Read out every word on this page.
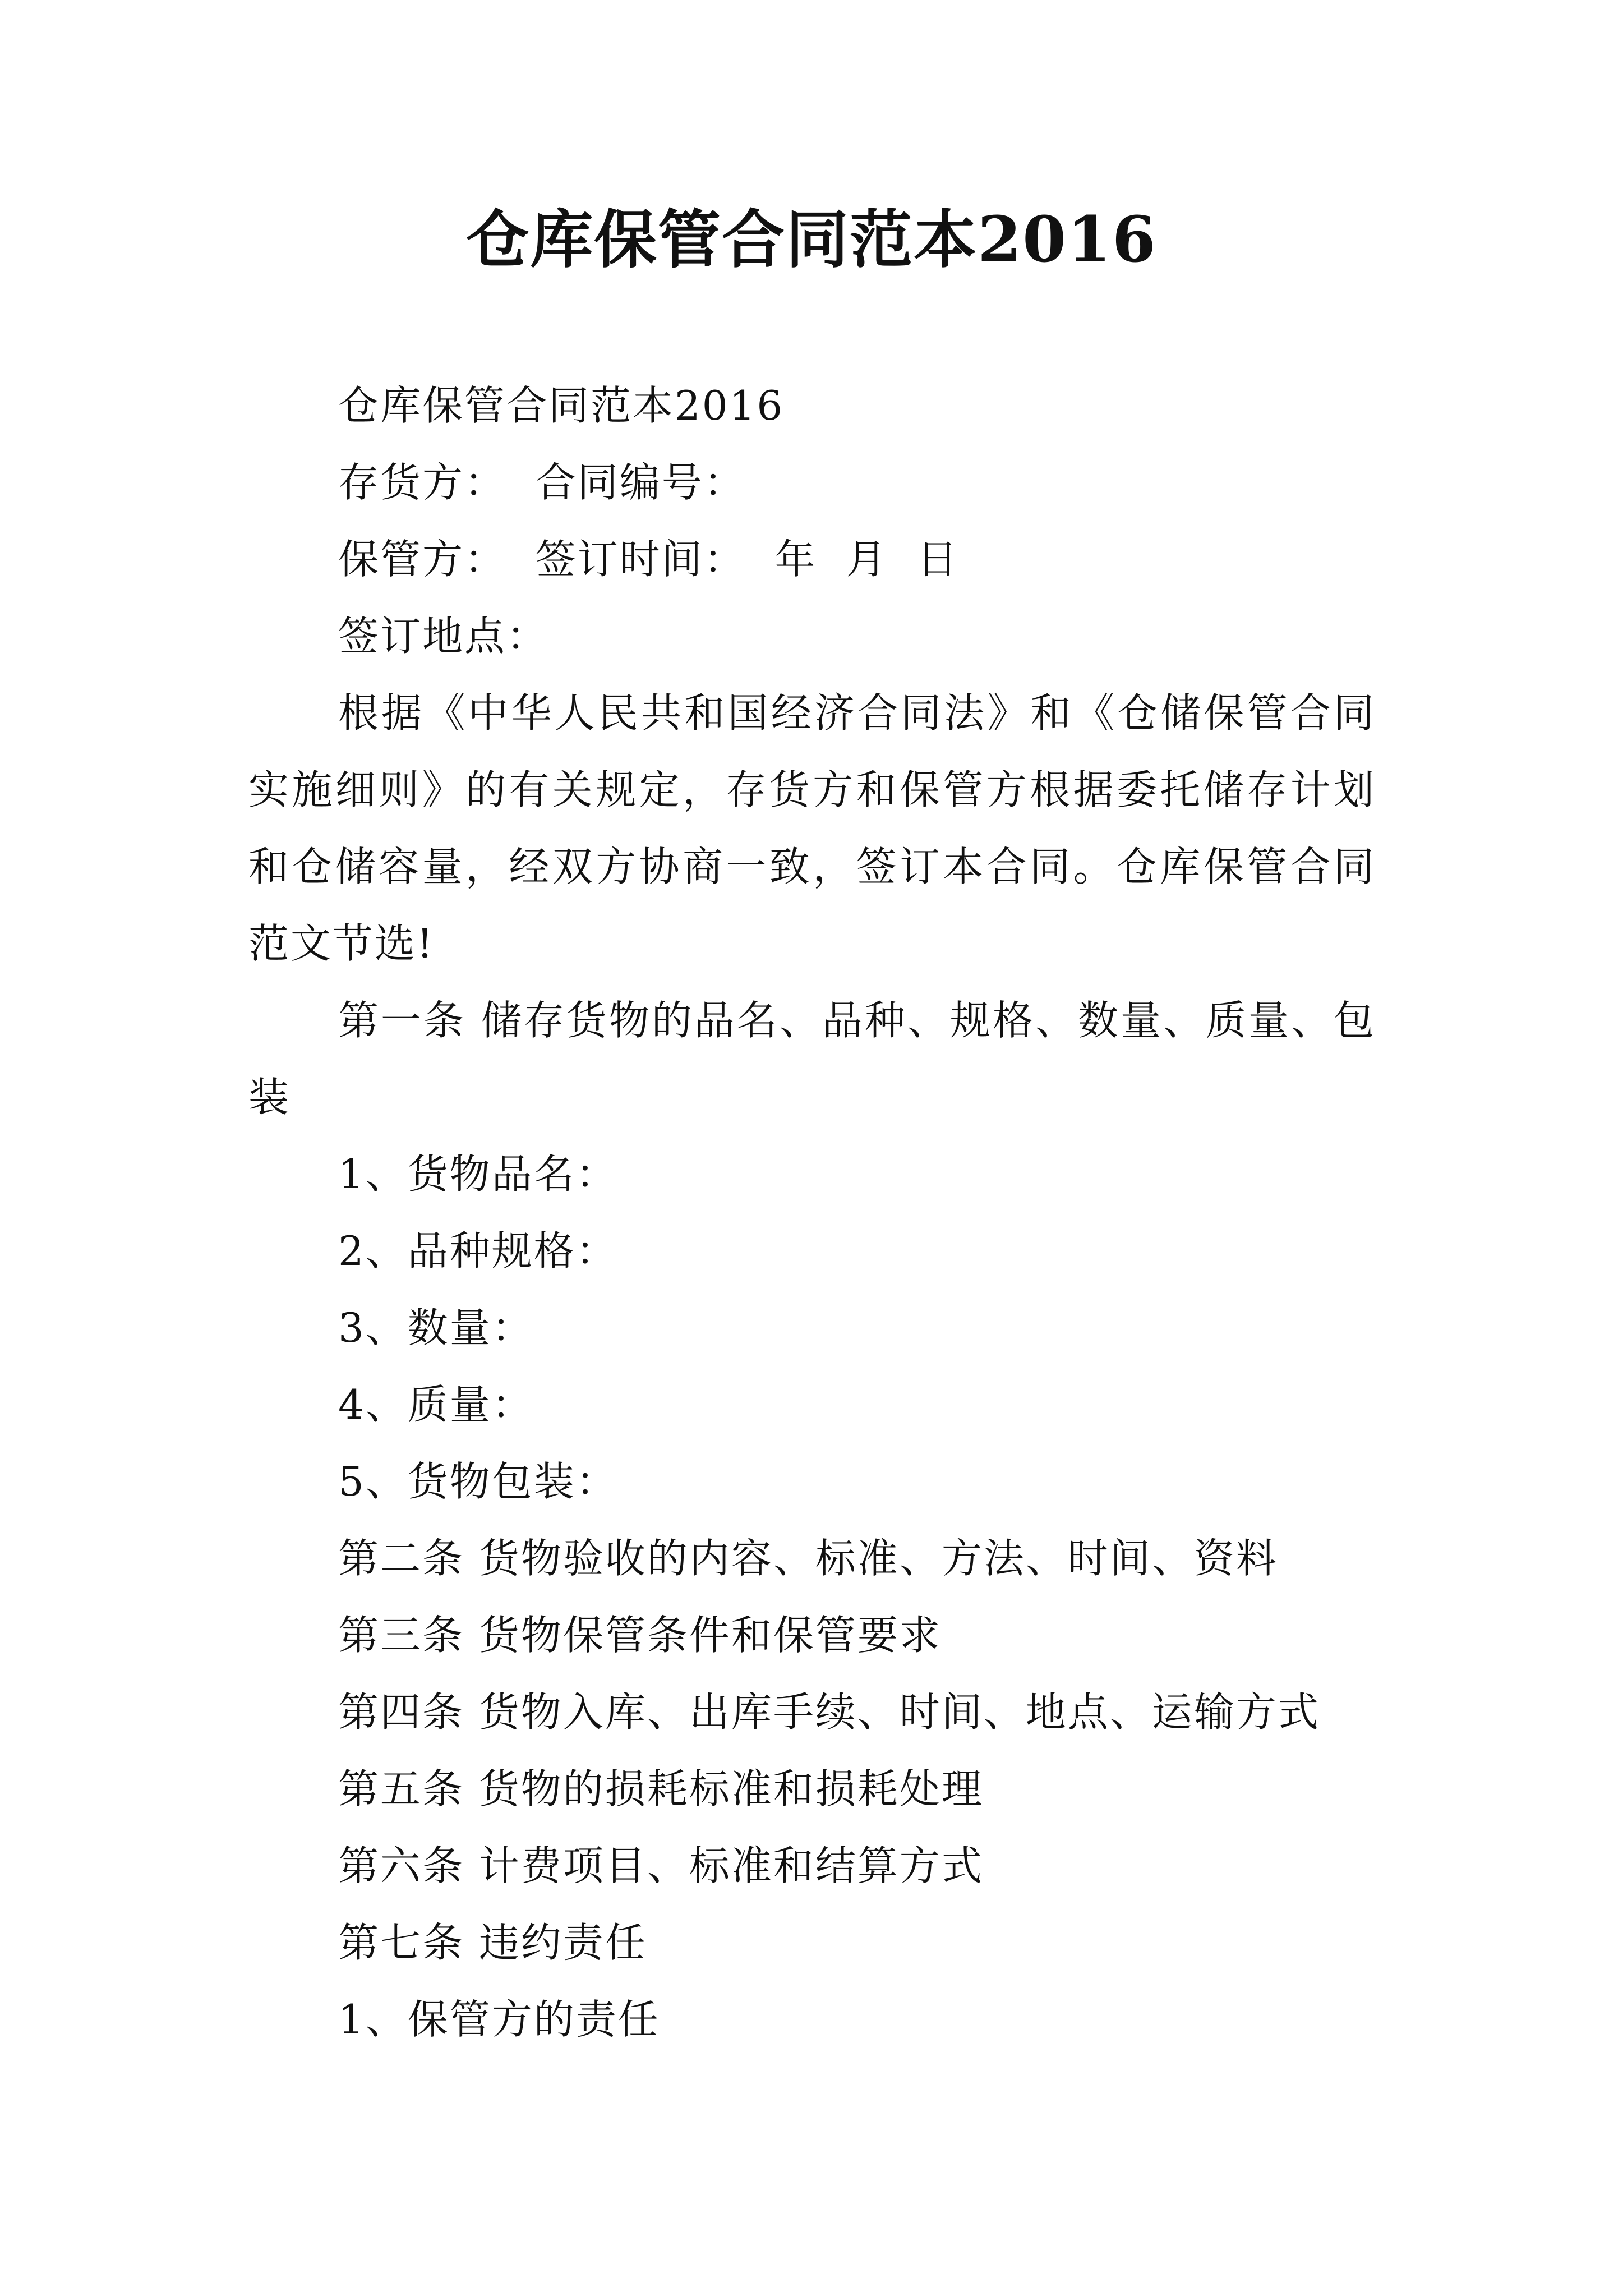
仓库保管合同范本2016

仓库保管合同范本2016

存货方：  合同编号：

保管方：  签订时间：  年  月  日

签订地点：

根据《中华人民共和国经济合同法》和《仓储保管合同实施细则》的有关规定，存货方和保管方根据委托储存计划和仓储容量，经双方协商一致，签订本合同。仓库保管合同范文节选!

第一条 储存货物的品名、品种、规格、数量、质量、包装

1、货物品名：

2、品种规格：

3、数量：

4、质量：

5、货物包装：

第二条 货物验收的内容、标准、方法、时间、资料

第三条 货物保管条件和保管要求

第四条 货物入库、出库手续、时间、地点、运输方式

第五条 货物的损耗标准和损耗处理

第六条 计费项目、标准和结算方式

第七条 违约责任

1、保管方的责任
